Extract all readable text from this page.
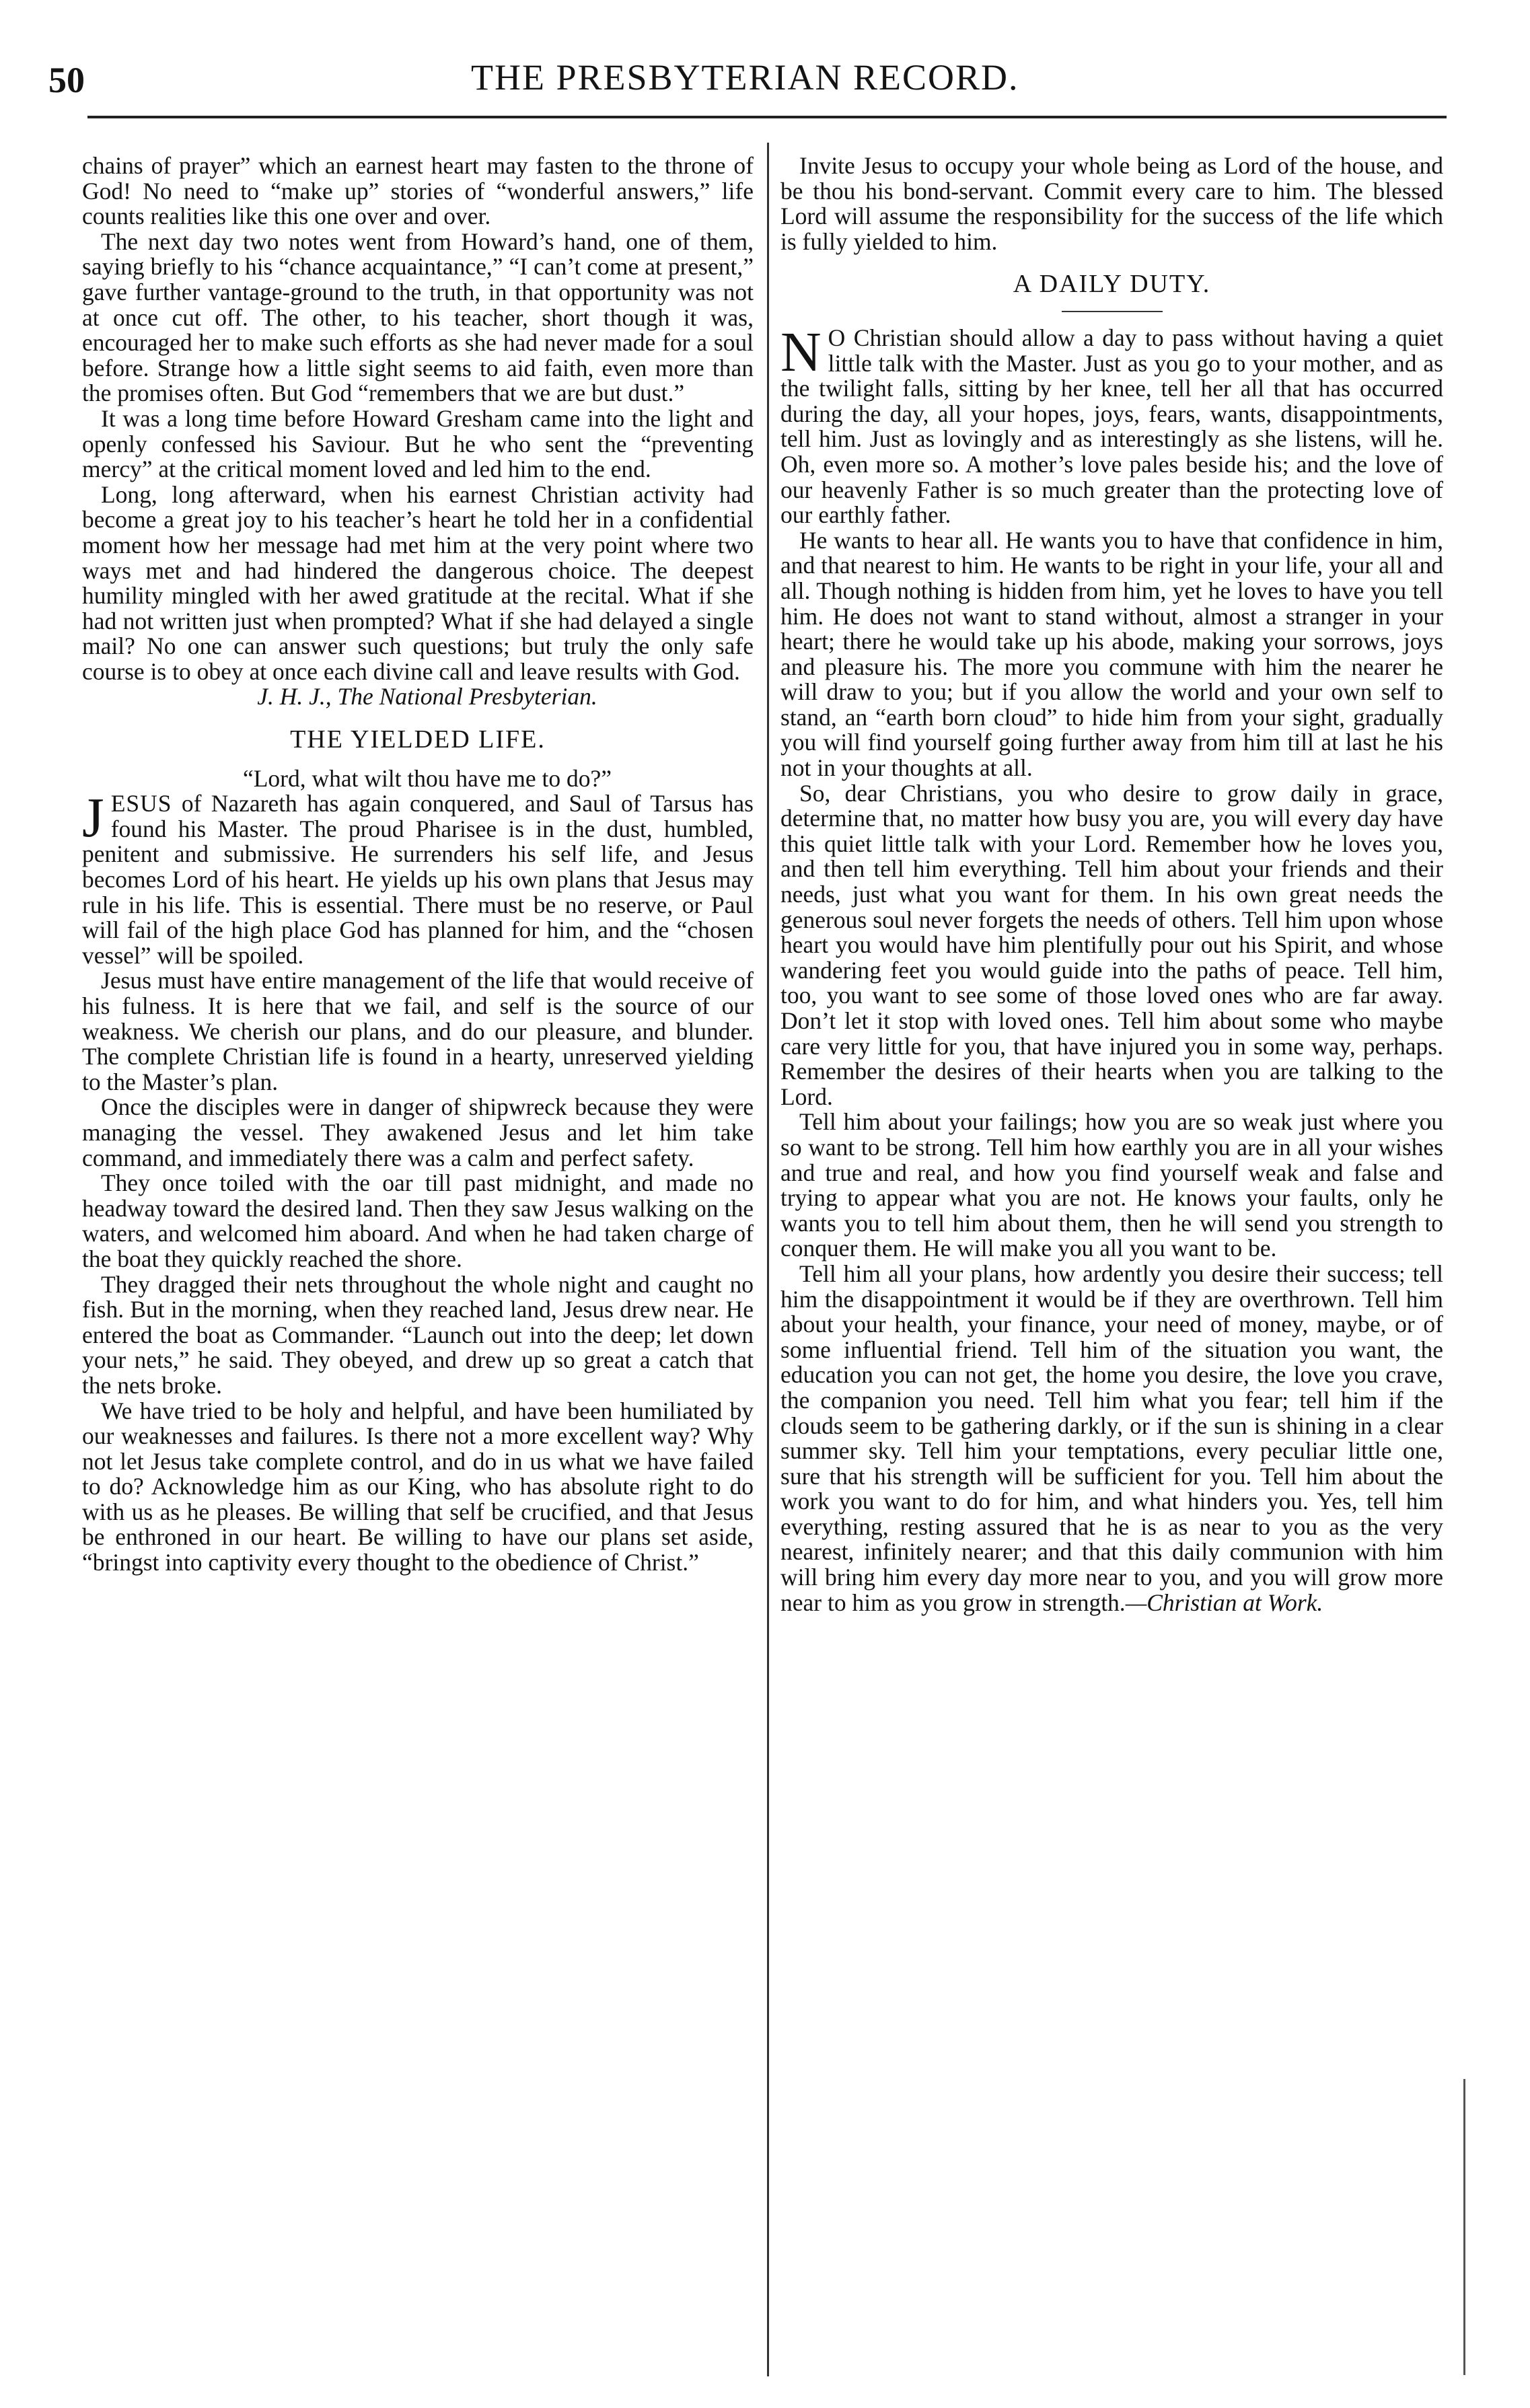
50	THE PRESBYTERIAN RECORD.

chains of prayer” which an earnest heart may fasten to the throne of God! No need to “make up” stories of “wonderful answers,” life counts realities like this one over and over.

The next day two notes went from Howard’s hand, one of them, saying briefly to his “chance acquaintance,” “I can’t come at present,” gave further vantage-ground to the truth, in that opportunity was not at once cut off. The other, to his teacher, short though it was, encouraged her to make such efforts as she had never made for a soul before. Strange how a little sight seems to aid faith, even more than the promises often. But God “remembers that we are but dust.”

It was a long time before Howard Gresham came into the light and openly confessed his Saviour. But he who sent the “preventing mercy” at the critical moment loved and led him to the end.

Long, long afterward, when his earnest Christian activity had become a great joy to his teacher’s heart he told her in a confidential moment how her message had met him at the very point where two ways met and had hindered the dangerous choice. The deepest humility mingled with her awed gratitude at the recital. What if she had not written just when prompted? What if she had delayed a single mail? No one can answer such questions; but truly the only safe course is to obey at once each divine call and leave results with God.

J. H. J., The National Presbyterian.

THE YIELDED LIFE.

“Lord, what wilt thou have me to do?”

JESUS of Nazareth has again conquered, and Saul of Tarsus has found his Master. The proud Pharisee is in the dust, humbled, penitent and submissive. He surrenders his self life, and Jesus becomes Lord of his heart. He yields up his own plans that Jesus may rule in his life. This is essential. There must be no reserve, or Paul will fail of the high place God has planned for him, and the “chosen vessel” will be spoiled.

Jesus must have entire management of the life that would receive of his fulness. It is here that we fail, and self is the source of our weakness. We cherish our plans, and do our pleasure, and blunder. The complete Christian life is found in a hearty, unreserved yielding to the Master’s plan.

Once the disciples were in danger of shipwreck because they were managing the vessel. They awakened Jesus and let him take command, and immediately there was a calm and perfect safety.

They once toiled with the oar till past midnight, and made no headway toward the desired land. Then they saw Jesus walking on the waters, and welcomed him aboard. And when he had taken charge of the boat they quickly reached the shore.

They dragged their nets throughout the whole night and caught no fish. But in the morning, when they reached land, Jesus drew near. He entered the boat as Commander. “Launch out into the deep; let down your nets,” he said. They obeyed, and drew up so great a catch that the nets broke.

We have tried to be holy and helpful, and have been humiliated by our weaknesses and failures. Is there not a more excellent way? Why not let Jesus take complete control, and do in us what we have failed to do? Acknowledge him as our King, who has absolute right to do with us as he pleases. Be willing that self be crucified, and that Jesus be enthroned in our heart. Be willing to have our plans set aside, “bringst into captivity every thought to the obedience of Christ.”

Invite Jesus to occupy your whole being as Lord of the house, and be thou his bond-servant. Commit every care to him. The blessed Lord will assume the responsibility for the success of the life which is fully yielded to him.

A DAILY DUTY.

N O Christian should allow a day to pass without having a quiet little talk with the Master. Just as you go to your mother, and as the twilight falls, sitting by her knee, tell her all that has occurred during the day, all your hopes, joys, fears, wants, disappointments, tell him. Just as lovingly and as interestingly as she listens, will he. Oh, even more so. A mother’s love pales beside his; and the love of our heavenly Father is so much greater than the protecting love of our earthly father.

He wants to hear all. He wants you to have that confidence in him, and that nearest to him. He wants to be right in your life, your all and all. Though nothing is hidden from him, yet he loves to have you tell him. He does not want to stand without, almost a stranger in your heart; there he would take up his abode, making your sorrows, joys and pleasure his. The more you commune with him the nearer he will draw to you; but if you allow the world and your own self to stand, an “earth born cloud” to hide him from your sight, gradually you will find yourself going further away from him till at last he his not in your thoughts at all.

So, dear Christians, you who desire to grow daily in grace, determine that, no matter how busy you are, you will every day have this quiet little talk with your Lord. Remember how he loves you, and then tell him everything. Tell him about your friends and their needs, just what you want for them. In his own great needs the generous soul never forgets the needs of others. Tell him upon whose heart you would have him plentifully pour out his Spirit, and whose wandering feet you would guide into the paths of peace. Tell him, too, you want to see some of those loved ones who are far away. Don’t let it stop with loved ones. Tell him about some who maybe care very little for you, that have injured you in some way, perhaps. Remember the desires of their hearts when you are talking to the Lord.

Tell him about your failings; how you are so weak just where you so want to be strong. Tell him how earthly you are in all your wishes and true and real, and how you find yourself weak and false and trying to appear what you are not. He knows your faults, only he wants you to tell him about them, then he will send you strength to conquer them. He will make you all you want to be.

Tell him all your plans, how ardently you desire their success; tell him the disappointment it would be if they are overthrown. Tell him about your health, your finance, your need of money, maybe, or of some influential friend. Tell him of the situation you want, the education you can not get, the home you desire, the love you crave, the companion you need. Tell him what you fear; tell him if the clouds seem to be gathering darkly, or if the sun is shining in a clear summer sky. Tell him your temptations, every peculiar little one, sure that his strength will be sufficient for you. Tell him about the work you want to do for him, and what hinders you. Yes, tell him everything, resting assured that he is as near to you as the very nearest, infinitely nearer; and that this daily communion with him will bring him every day more near to you, and you will grow more near to him as you grow in strength.—Christian at Work.
